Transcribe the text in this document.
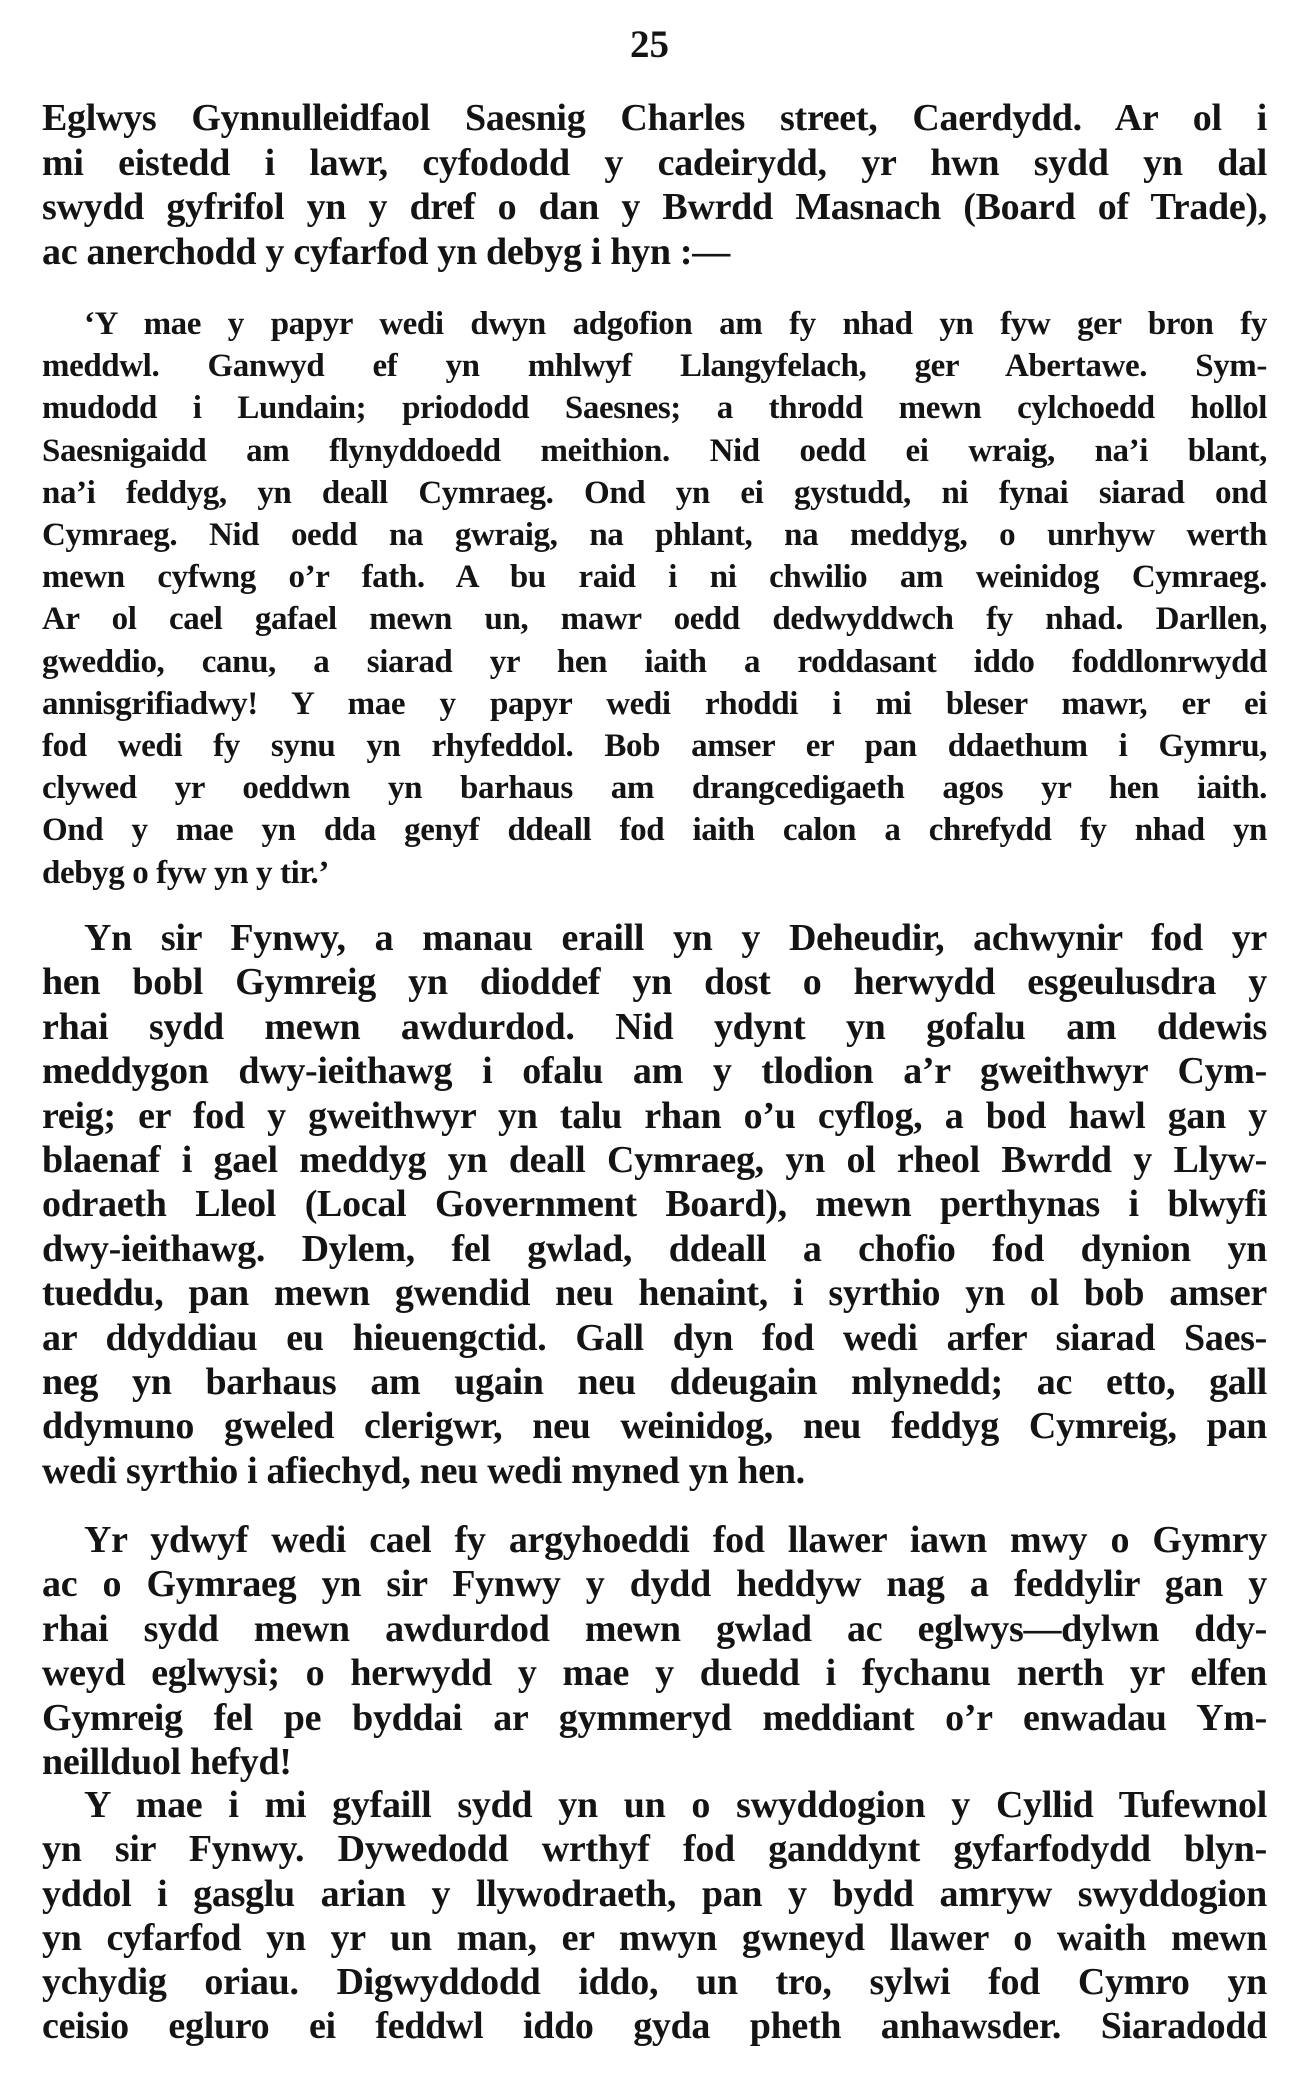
25

Eglwys Gynnulleidfaol Saesnig Charles street, Caerdydd. Ar ol i
mi eistedd i lawr, cyfododd y cadeirydd, yr hwn sydd yn dal
swydd gyfrifol yn y dref o dan y Bwrdd Masnach (Board of Trade),
ac anerchodd y cyfarfod yn debyg i hyn :—

‘Y mae y papyr wedi dwyn adgofion am fy nhad yn fyw ger bron fy
meddwl. Ganwyd ef yn mhlwyf Llangyfelach, ger Abertawe. Sym-
mudodd i Lundain; priododd Saesnes; a throdd mewn cylchoedd hollol
Saesnigaidd am flynyddoedd meithion. Nid oedd ei wraig, na’i blant,
na’i feddyg, yn deall Cymraeg. Ond yn ei gystudd, ni fynai siarad ond
Cymraeg. Nid oedd na gwraig, na phlant, na meddyg, o unrhyw werth
mewn cyfwng o’r fath. A bu raid i ni chwilio am weinidog Cymraeg.
Ar ol cael gafael mewn un, mawr oedd dedwyddwch fy nhad. Darllen,
gweddio, canu, a siarad yr hen iaith a roddasant iddo foddlonrwydd
annisgrifiadwy! Y mae y papyr wedi rhoddi i mi bleser mawr, er ei
fod wedi fy synu yn rhyfeddol. Bob amser er pan ddaethum i Gymru,
clywed yr oeddwn yn barhaus am drangcedigaeth agos yr hen iaith.
Ond y mae yn dda genyf ddeall fod iaith calon a chrefydd fy nhad yn
debyg o fyw yn y tir.’

Yn sir Fynwy, a manau eraill yn y Deheudir, achwynir fod yr
hen bobl Gymreig yn dioddef yn dost o herwydd esgeulusdra y
rhai sydd mewn awdurdod. Nid ydynt yn gofalu am ddewis
meddygon dwy-ieithawg i ofalu am y tlodion a’r gweithwyr Cym-
reig; er fod y gweithwyr yn talu rhan o’u cyflog, a bod hawl gan y
blaenaf i gael meddyg yn deall Cymraeg, yn ol rheol Bwrdd y Llyw-
odraeth Lleol (Local Government Board), mewn perthynas i blwyfi
dwy-ieithawg. Dylem, fel gwlad, ddeall a chofio fod dynion yn
tueddu, pan mewn gwendid neu henaint, i syrthio yn ol bob amser
ar ddyddiau eu hieuengctid. Gall dyn fod wedi arfer siarad Saes-
neg yn barhaus am ugain neu ddeugain mlynedd; ac etto, gall
ddymuno gweled clerigwr, neu weinidog, neu feddyg Cymreig, pan
wedi syrthio i afiechyd, neu wedi myned yn hen.

Yr ydwyf wedi cael fy argyhoeddi fod llawer iawn mwy o Gymry
ac o Gymraeg yn sir Fynwy y dydd heddyw nag a feddylir gan y
rhai sydd mewn awdurdod mewn gwlad ac eglwys—dylwn ddy-
weyd eglwysi; o herwydd y mae y duedd i fychanu nerth yr elfen
Gymreig fel pe byddai ar gymmeryd meddiant o’r enwadau Ym-
neillduol hefyd!

Y mae i mi gyfaill sydd yn un o swyddogion y Cyllid Tufewnol
yn sir Fynwy. Dywedodd wrthyf fod ganddynt gyfarfodydd blyn-
yddol i gasglu arian y llywodraeth, pan y bydd amryw swyddogion
yn cyfarfod yn yr un man, er mwyn gwneyd llawer o waith mewn
ychydig oriau. Digwyddodd iddo, un tro, sylwi fod Cymro yn
ceisio egluro ei feddwl iddo gyda pheth anhawsder. Siaradodd
